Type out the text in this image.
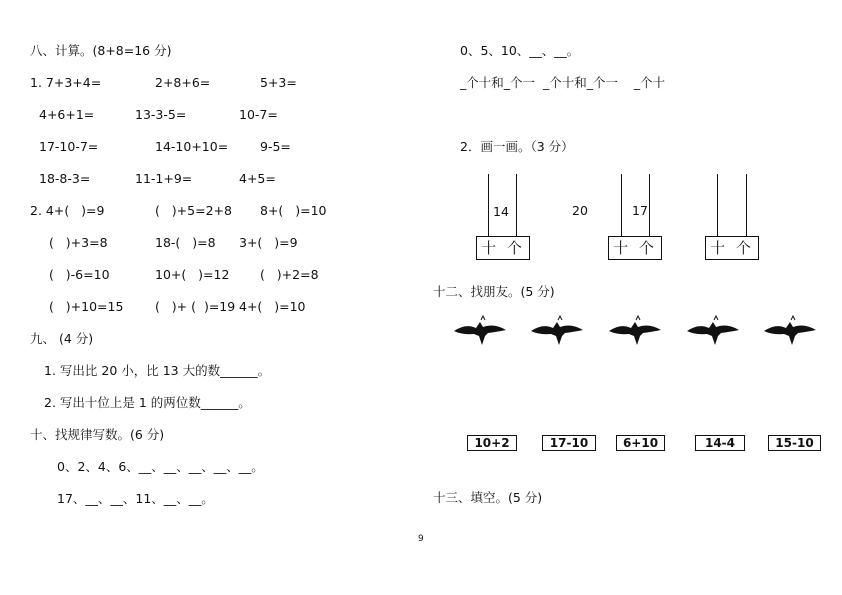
八、计算。(8+8=16 分)
1. 7+3+4=	2+8+6=	5+3=
4+6+1=	13-3-5=	10-7=
17-10-7=	14-10+10=	9-5=
18-8-3=	11-1+9=	4+5=
2. 4+(   )=9	(   )+5=2+8 8+(   )=10
(   )+3=8	18-(   )=8 3+(   )=9
(   )-6=10	10+(   )=12 (   )+2=8
(   )+10=15	(   )+ (  )=19 4+(   )=10
九、 (4 分)
1. 写出比 20 小，比 13 大的数______。
2. 写出十位上是 1 的两位数______。
十、找规律写数。(6 分)
0、2、4、6、__、__、__、__、__。
17、__、__、11、__、__。
0、5、10、__、__。
_个十和_个一  _个十和_个一    _个十
2．画一画。（3 分）
14
十 个
20
十 个
17
十 个
十二、找朋友。(5 分)
10+2	17-10	6+10	14-4	15-10
十三、填空。(5 分)
9
